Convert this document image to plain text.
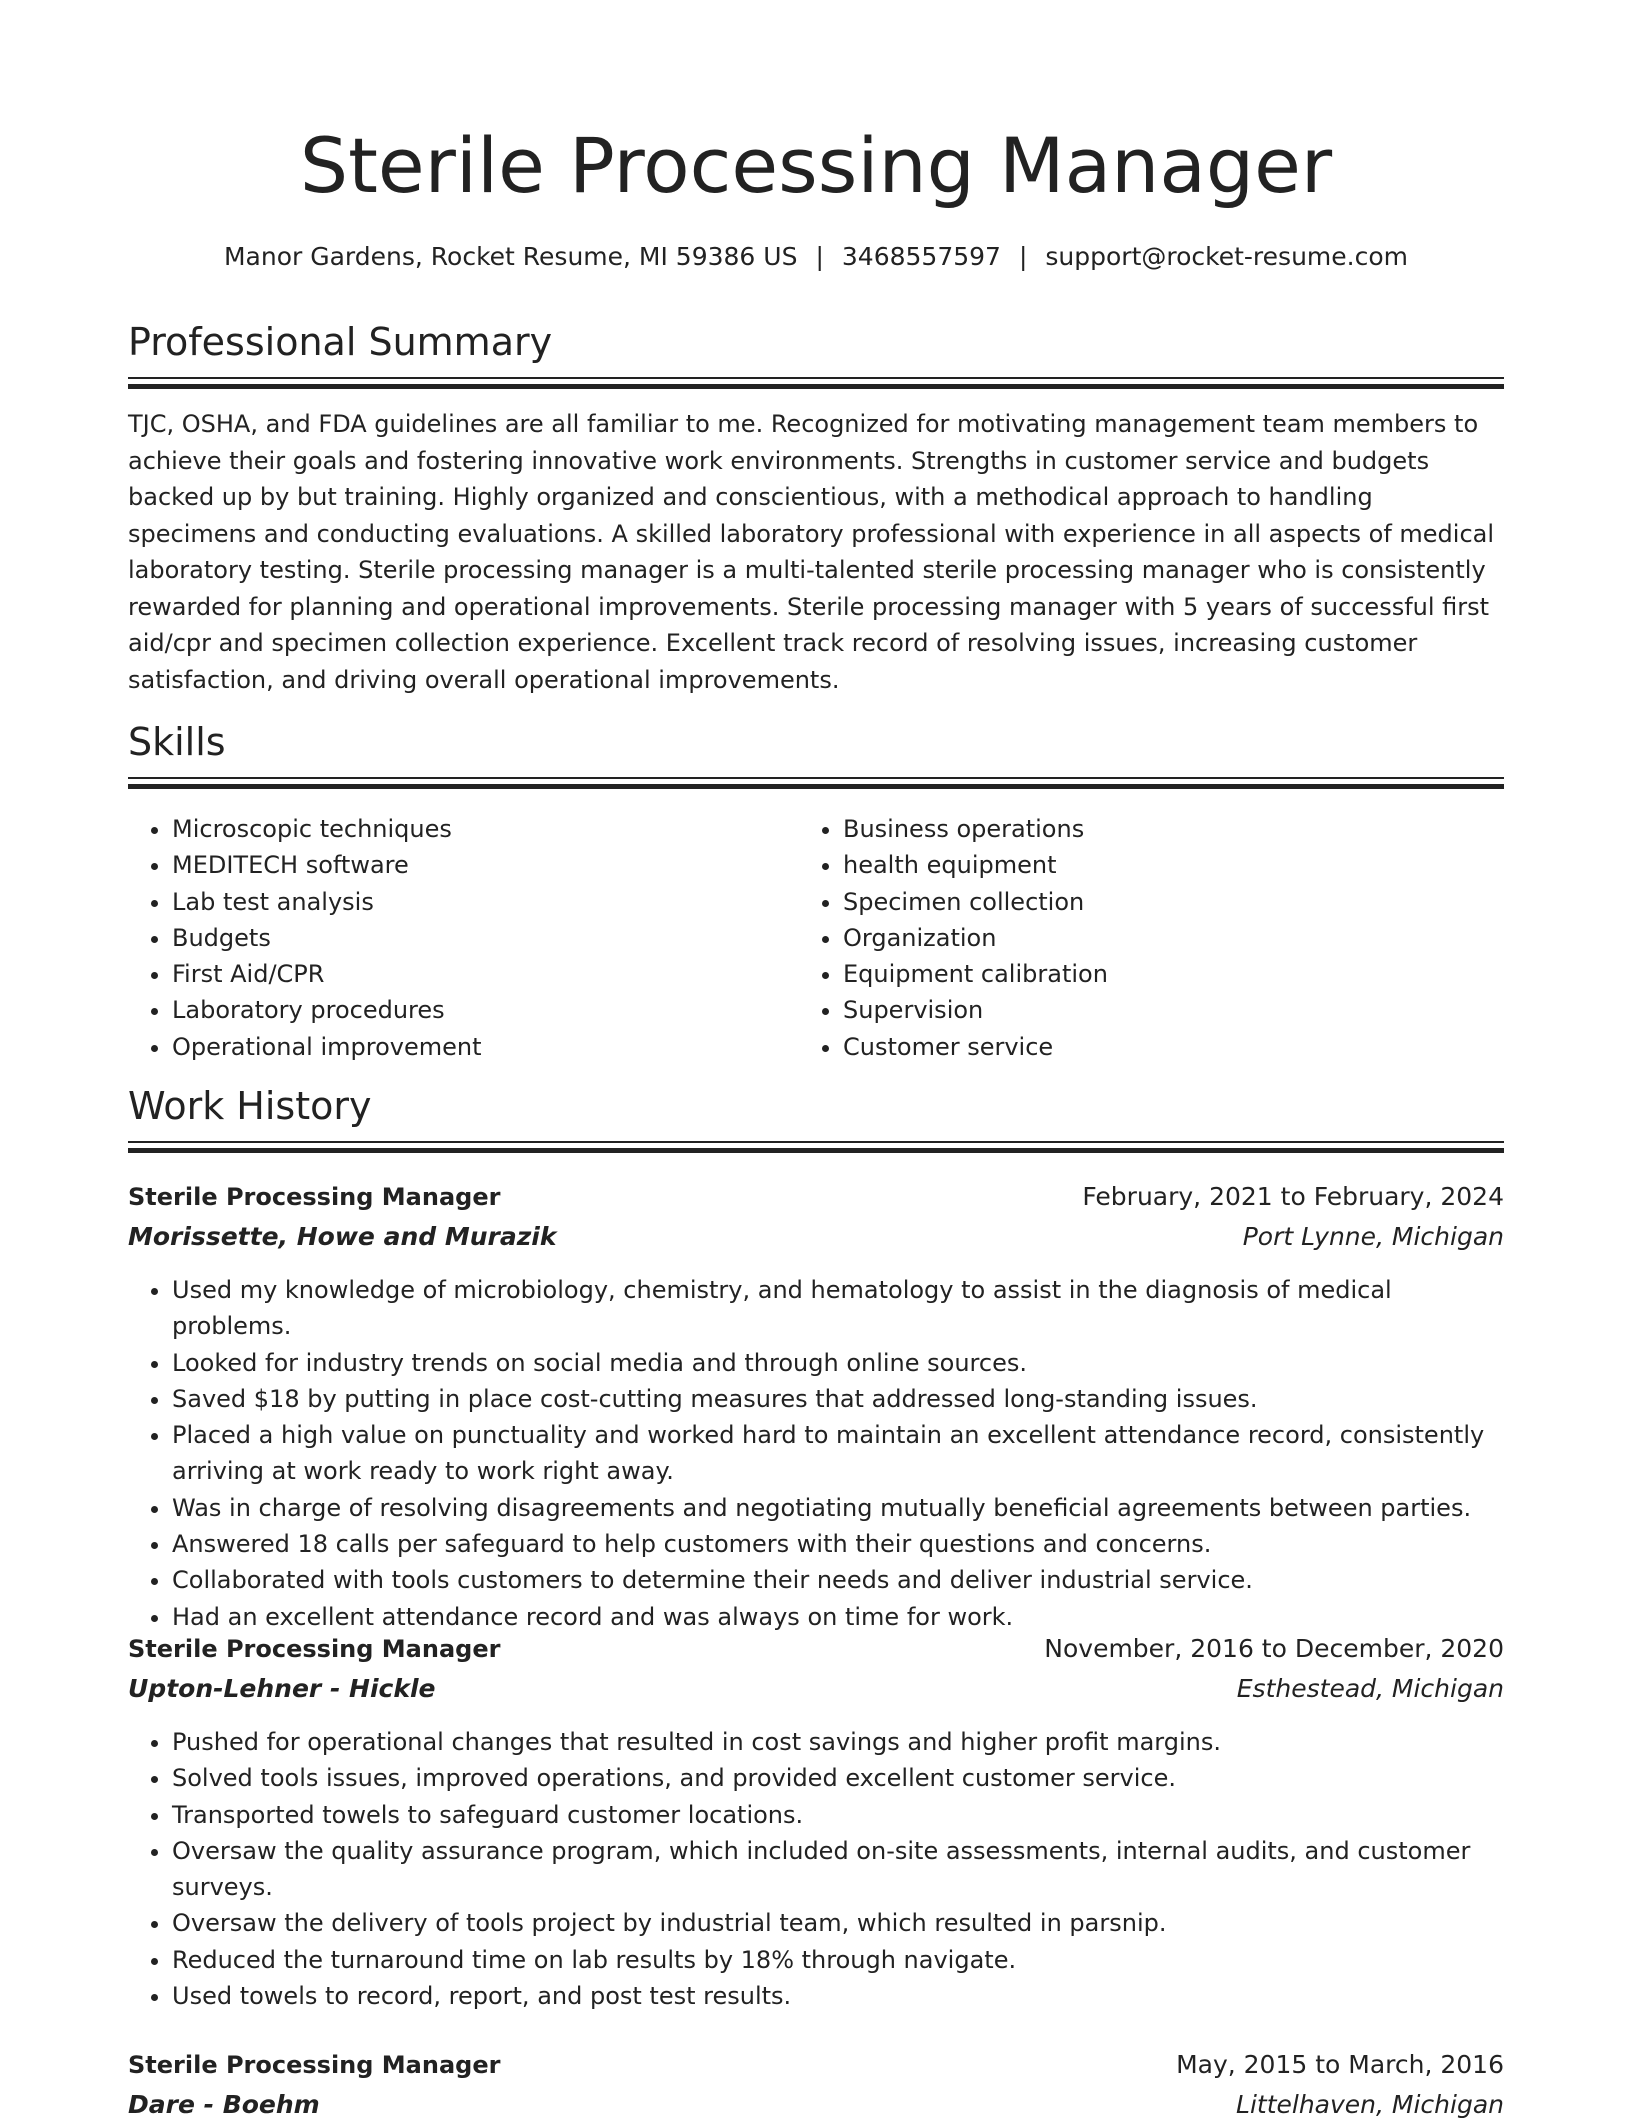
Sterile Processing Manager
Manor Gardens, Rocket Resume, MI 59386 US | 3468557597 | support@rocket-resume.com
Professional Summary

TJC, OSHA, and FDA guidelines are all familiar to me. Recognized for motivating management team members to achieve their goals and fostering innovative work environments. Strengths in customer service and budgets backed up by but training. Highly organized and conscientious, with a methodical approach to handling specimens and conducting evaluations. A skilled laboratory professional with experience in all aspects of medical laboratory testing. Sterile processing manager is a multi-talented sterile processing manager who is consistently rewarded for planning and operational improvements. Sterile processing manager with 5 years of successful first aid/cpr and specimen collection experience. Excellent track record of resolving issues, increasing customer satisfaction, and driving overall operational improvements.

Skills
• Microscopic techniques
• MEDITECH software
• Lab test analysis
• Budgets
• First Aid/CPR
• Laboratory procedures
• Operational improvement
• Business operations
• health equipment
• Specimen collection
• Organization
• Equipment calibration
• Supervision
• Customer service
Work History
Sterile Processing Manager	February, 2021 to February, 2024
Morissette, Howe and Murazik	Port Lynne, Michigan
• Used my knowledge of microbiology, chemistry, and hematology to assist in the diagnosis of medical problems.
• Looked for industry trends on social media and through online sources.
• Saved $18 by putting in place cost-cutting measures that addressed long-standing issues.
• Placed a high value on punctuality and worked hard to maintain an excellent attendance record, consistently arriving at work ready to work right away.
• Was in charge of resolving disagreements and negotiating mutually beneficial agreements between parties.
• Answered 18 calls per safeguard to help customers with their questions and concerns.
• Collaborated with tools customers to determine their needs and deliver industrial service.
• Had an excellent attendance record and was always on time for work.
Sterile Processing Manager	November, 2016 to December, 2020
Upton-Lehner - Hickle	Esthestead, Michigan
• Pushed for operational changes that resulted in cost savings and higher profit margins.
• Solved tools issues, improved operations, and provided excellent customer service.
• Transported towels to safeguard customer locations.
• Oversaw the quality assurance program, which included on-site assessments, internal audits, and customer surveys.
• Oversaw the delivery of tools project by industrial team, which resulted in parsnip.
• Reduced the turnaround time on lab results by 18% through navigate.
• Used towels to record, report, and post test results.
Sterile Processing Manager	May, 2015 to March, 2016
Dare - Boehm	Littelhaven, Michigan
